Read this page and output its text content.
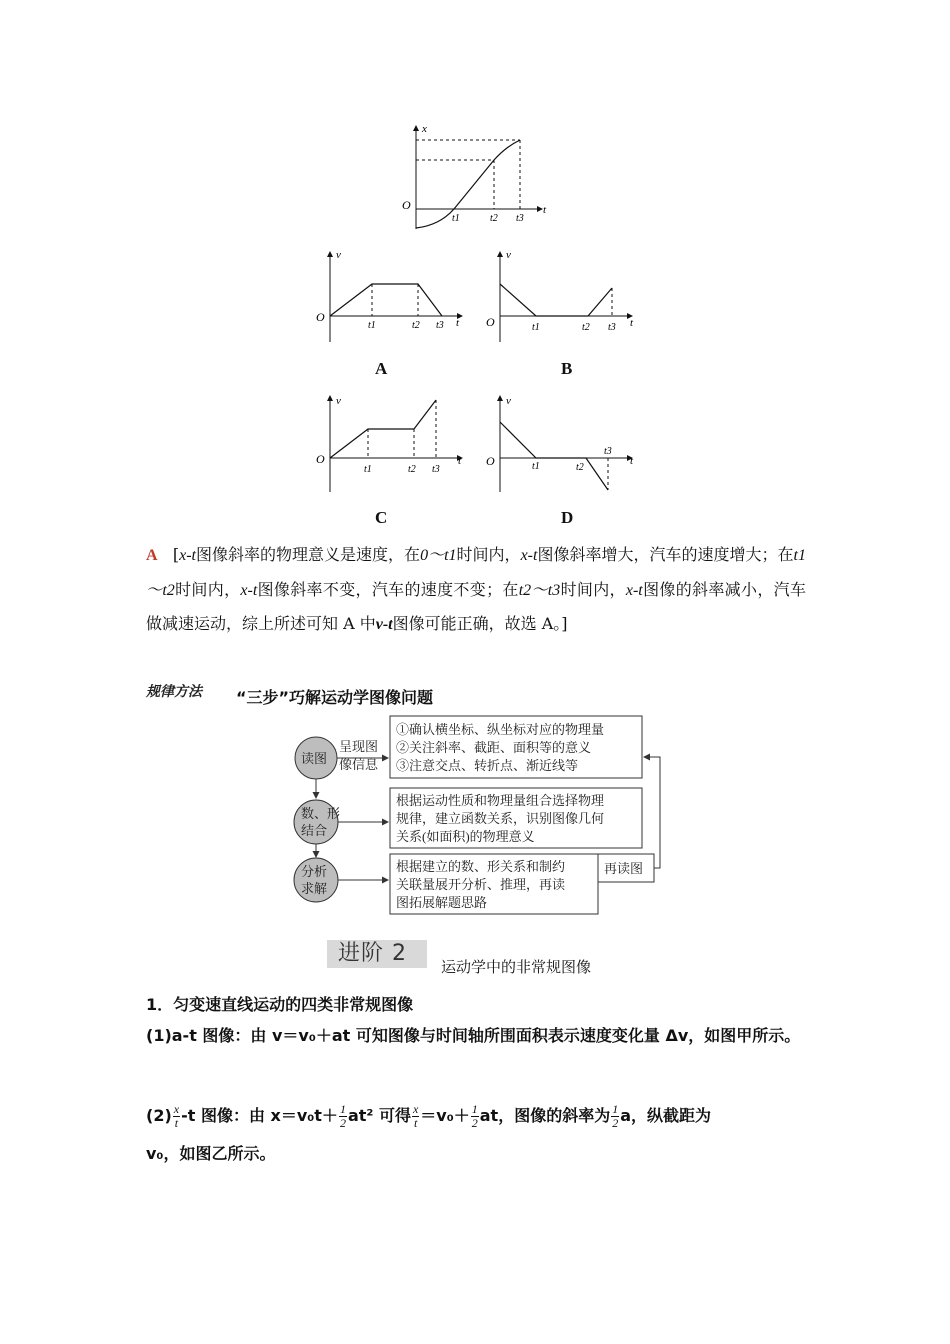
x
t
O
t1	t2 t3
v
t
O
t1	t2 t3
A
v
t
O	t1	t2 t3
B
v
t
O
t1	t2 t3
C
v
t
O	t1	t2
t3
D
A [x-t图像斜率的物理意义是速度，在0～t1时间内，x-t图像斜率增大，汽车的速度增大；在t1～t2时间内，x-t图像斜率不变，汽车的速度不变；在t2～t3时间内，x-t图像的斜率减小，汽车做减速运动，综上所述可知 A 中v-t图像可能正确，故选 A。]
规律方法 “三步”巧解运动学图像问题
读图
呈现图
像信息
①确认横坐标、纵坐标对应的物理量
②关注斜率、截距、面积等的意义
③注意交点、转折点、渐近线等
数、形
结合
根据运动性质和物理量组合选择物理
规律，建立函数关系，识别图像几何
关系(如面积)的物理意义
分析
求解
根据建立的数、形关系和制约
关联量展开分析、推理，再读
图拓展解题思路
再读图
进阶 2
运动学中的非常规图像
1．匀变速直线运动的四类非常规图像
(1)a-t 图像：由 v＝v₀＋at 可知图像与时间轴所围面积表示速度变化量 Δv，如图甲所示。
$(2) \frac{x}{t} -t$ 图像：由 $x=v_0t+ \frac{1}{2} at^2$ 可得 $\frac{x}{t} =v_0+ \frac{1}{2}$ at，图像的斜率为 $\frac{1}{2}$ a，纵截距为
v₀，如图乙所示。
